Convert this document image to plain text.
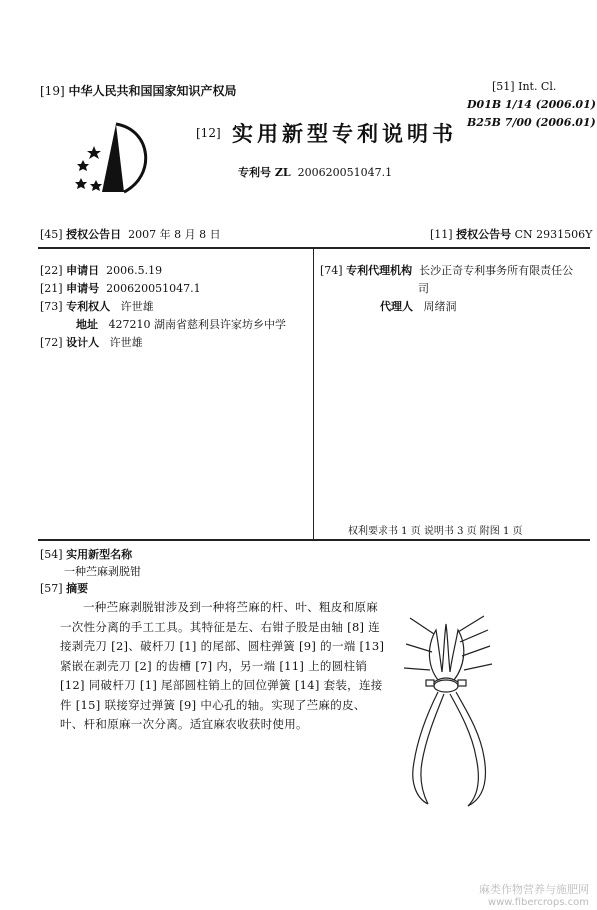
[19] 中华人民共和国国家知识产权局
[12] 实用新型专利说明书
专利号 ZL 200620051047.1
[51] Int. Cl.
D01B 1/14 (2006.01)
B25B 7/00 (2006.01)
[45] 授权公告日 2007 年 8 月 8 日	[11] 授权公告号 CN 2931506Y
[22] 申请日 2006.5.19
[21] 申请号 200620051047.1
[73] 专利权人 许世雄
地址 427210 湖南省慈利县许家坊乡中学
[72] 设计人 许世雄
[74] 专利代理机构 长沙正奇专利事务所有限责任公
司
代理人 周绪洞
权利要求书 1 页 说明书 3 页 附图 1 页
[54] 实用新型名称
一种苎麻剥脱钳
[57] 摘要
一种苎麻剥脱钳涉及到一种将苎麻的杆、叶、粗皮和原麻一次性分离的手工工具。其特征是左、右钳子股是由轴 [8] 连接剥壳刀 [2]、破杆刀 [1] 的尾部、圆柱弹簧 [9] 的一端 [13] 紧嵌在剥壳刀 [2] 的齿槽 [7] 内，另一端 [11] 上的圆柱销 [12] 同破杆刀 [1] 尾部圆柱销上的回位弹簧 [14] 套装，连接件 [15] 联接穿过弹簧 [9] 中心孔的轴。实现了苎麻的皮、叶、杆和原麻一次分离。适宜麻农收获时使用。
麻类作物营养与施肥网
www.fibercrops.com
